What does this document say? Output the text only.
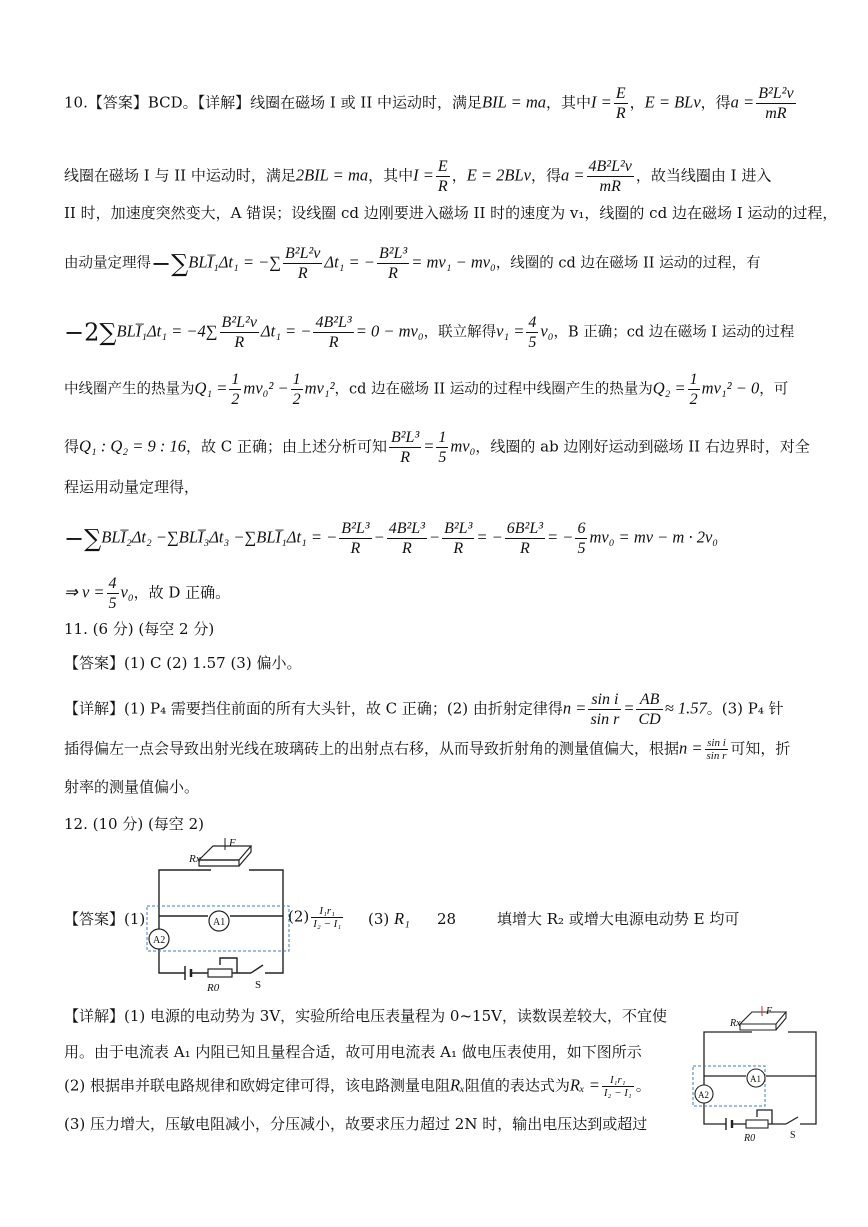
10.【答案】BCD。【详解】线圈在磁场 I 或 II 中运动时，满足BIL = ma，其中$I = \frac{E}{R}$ ，E = BLv，得$a = \frac{\text{B²L²v}}{mR}$
线圈在磁场 I 与 II 中运动时，满足2BIL = ma，其中$I = \frac{E}{R}$ ，E = 2BLv，得$a = \frac{\text{4B²L²v}}{mR}$ ，故当线圈由 I 进入
II 时，加速度突然变大，A 错误；设线圈 cd 边刚要进入磁场 II 时的速度为 v₁，线圈的 cd 边在磁场 I 运动的过程，
由动量定理得−∑BLI̅₁Δt₁ = −∑ $\frac{\text{B²L²v}}{R} \Delta t_1$ = − $\frac{\text{B²L³}}{R} = mv_1 - mv_0$，线圈的 cd 边在磁场 II 运动的过程，有
−2∑BLI̅₁Δt₁ = $-4\sum \frac{\text{B²L²v}}{R} \Delta t_1$ = − $\frac{\text{4B²L³}}{R} = 0 - mv_0$，联立解得$v_1 = \frac{4}{5} v_0$，B 正确；cd 边在磁场 I 运动的过程
中线圈产生的热量为$Q_1 = \frac{1}{2} mv_0^2 - \frac{1}{2} mv_1^2$，cd 边在磁场 II 运动的过程中线圈产生的热量为$Q_2 = \frac{1}{2} mv_1^2 - 0$，可
得Q₁ : Q₂ = 9 : 16，故 C 正确；由上述分析可知 $\frac{\text{B²L³}}{R} = \frac{1}{5} mv_0$，线圈的 ab 边刚好运动到磁场 II 右边界时，对全
程运用动量定理得，
−∑BLI̅₂Δt₂ −∑BLI̅₃Δt₃ −∑BLI̅₁Δt₁ = − $\frac{\text{B²L³}}{R} - \frac{\text{4B²L³}}{R} - \frac{\text{B²L³}}{R}$ = − $\frac{\text{6B²L³}}{R}$ = − $\frac{6}{5} mv_0$ = mv − m · 2v₀
⇒ $v = \frac{4}{5} v_0$，故 D 正确。
11. (6 分) (每空 2 分)
【答案】(1) C (2) 1.57 (3) 偏小。
【详解】(1) P₄ 需要挡住前面的所有大头针，故 C 正确；(2) 由折射定律得$n = \frac{\text{sin i}}{\text{sin r}} = \frac{AB}{CD} \approx 1.57$。(3) P₄ 针
插得偏左一点会导致出射光线在玻璃砖上的出射点右移，从而导致折射角的测量值偏大，根据$n = \frac{\text{sin i}}{\text{sin r}}$ 可知，折
射率的测量值偏小。
12. (10 分) (每空 2)
【答案】(1)
F
Rx
A1
A2
R0	S
$(2) \frac{\text{I₁r₁}}{\text{I₂ − I₁}} (3)$ R₁ 28	填增大 R₂ 或增大电源电动势 E 均可
【详解】(1) 电源的电动势为 3V，实验所给电压表量程为 0~15V，读数误差较大，不宜使
用。由于电流表 A₁ 内阻已知且量程合适，故可用电流表 A₁ 做电压表使用，如下图所示
(2) 根据串并联电路规律和欧姆定律可得，该电路测量电阻Rₓ阻值的表达式为$R_x = \frac{\text{I₁r₁}}{\text{I₂ − I₁}}$ 。
(3) 压力增大，压敏电阻减小，分压减小，故要求压力超过 2N 时，输出电压达到或超过
F
Rx
A1
A2
R0	S
